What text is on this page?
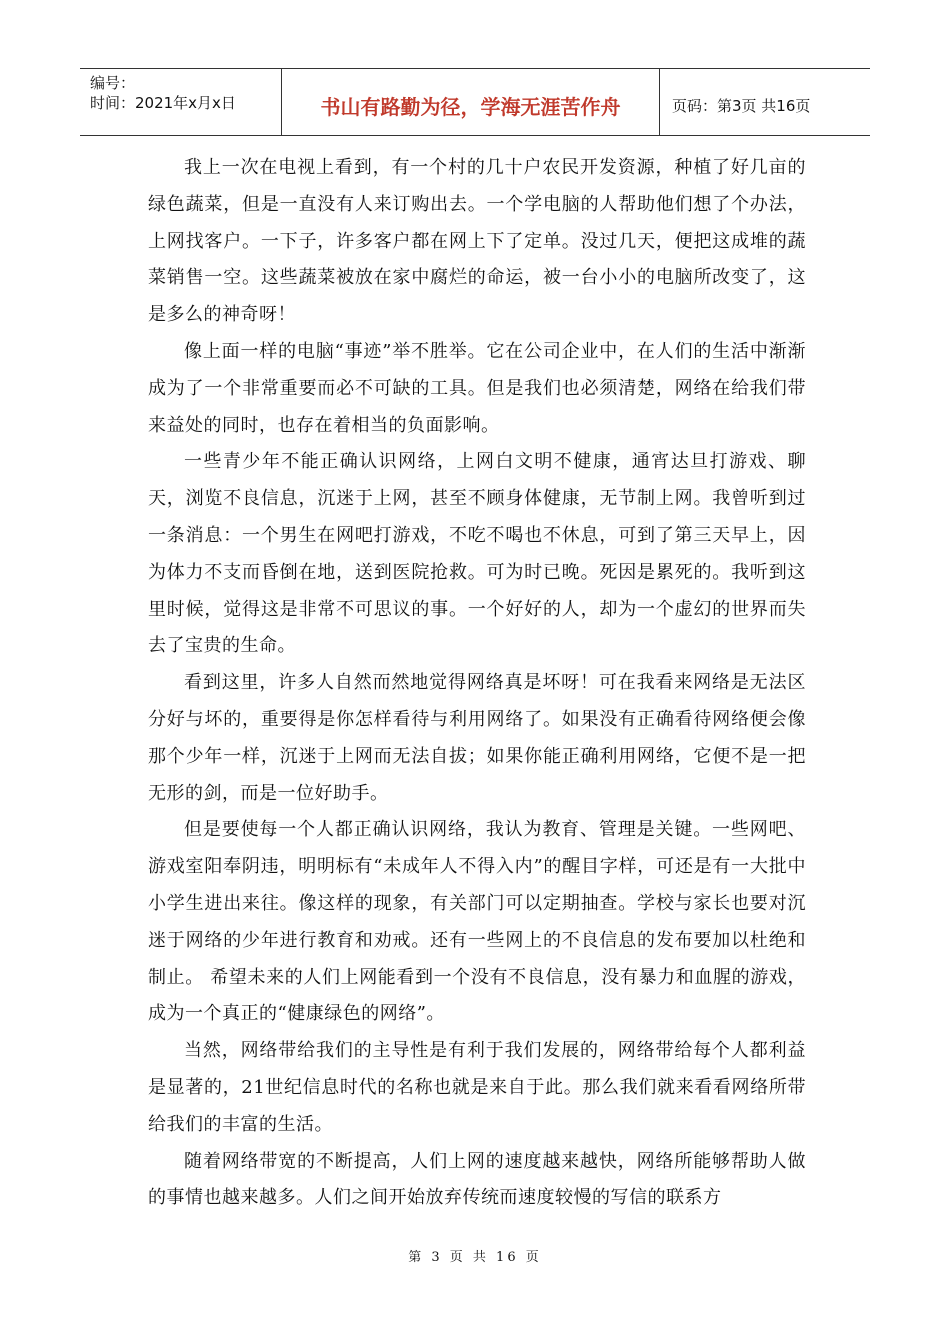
编号：
时间：2021年x月x日	书山有路勤为径，学海无涯苦作舟	页码：第3页 共16页

我上一次在电视上看到，有一个村的几十户农民开发资源，种植了好几亩的绿色蔬菜，但是一直没有人来订购出去。一个学电脑的人帮助他们想了个办法，上网找客户。一下子，许多客户都在网上下了定单。没过几天，便把这成堆的蔬菜销售一空。这些蔬菜被放在家中腐烂的命运，被一台小小的电脑所改变了，这是多么的神奇呀！

像上面一样的电脑“事迹”举不胜举。它在公司企业中，在人们的生活中渐渐成为了一个非常重要而必不可缺的工具。但是我们也必须清楚，网络在给我们带来益处的同时，也存在着相当的负面影响。

一些青少年不能正确认识网络，上网白文明不健康，通宵达旦打游戏、聊天，浏览不良信息，沉迷于上网，甚至不顾身体健康，无节制上网。我曾听到过一条消息：一个男生在网吧打游戏，不吃不喝也不休息，可到了第三天早上，因为体力不支而昏倒在地，送到医院抢救。可为时已晚。死因是累死的。我听到这里时候，觉得这是非常不可思议的事。一个好好的人，却为一个虚幻的世界而失去了宝贵的生命。

看到这里，许多人自然而然地觉得网络真是坏呀！可在我看来网络是无法区分好与坏的，重要得是你怎样看待与利用网络了。如果没有正确看待网络便会像那个少年一样，沉迷于上网而无法自拔；如果你能正确利用网络，它便不是一把无形的剑，而是一位好助手。

但是要使每一个人都正确认识网络，我认为教育、管理是关键。一些网吧、游戏室阳奉阴违，明明标有“未成年人不得入内”的醒目字样，可还是有一大批中小学生进出来往。像这样的现象，有关部门可以定期抽查。学校与家长也要对沉迷于网络的少年进行教育和劝戒。还有一些网上的不良信息的发布要加以杜绝和制止。 希望未来的人们上网能看到一个没有不良信息，没有暴力和血腥的游戏，成为一个真正的“健康绿色的网络”。

当然，网络带给我们的主导性是有利于我们发展的，网络带给每个人都利益是显著的，21世纪信息时代的名称也就是来自于此。那么我们就来看看网络所带给我们的丰富的生活。

随着网络带宽的不断提高，人们上网的速度越来越快，网络所能够帮助人做的事情也越来越多。人们之间开始放弃传统而速度较慢的写信的联系方

第 3 页 共 16 页
